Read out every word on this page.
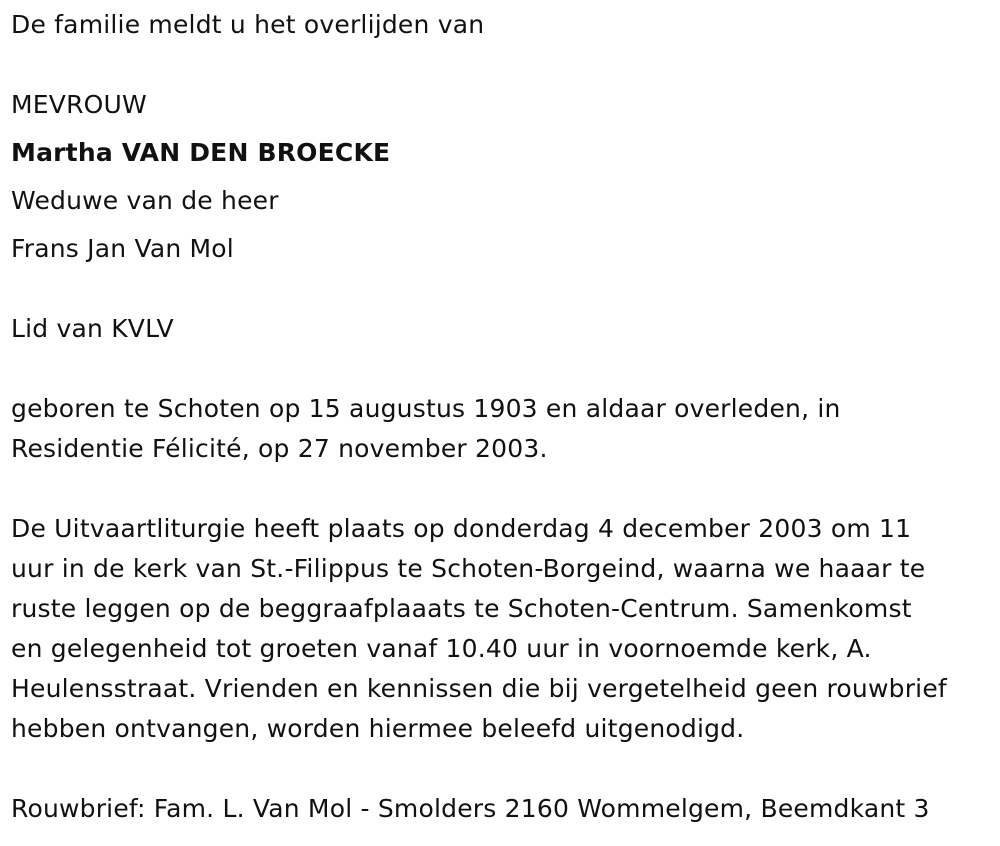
De familie meldt u het overlijden van
MEVROUW
Martha VAN DEN BROECKE
Weduwe van de heer
Frans Jan Van Mol
Lid van KVLV
geboren te Schoten op 15 augustus 1903 en aldaar overleden, in
Residentie Félicité, op 27 november 2003.
De Uitvaartliturgie heeft plaats op donderdag 4 december 2003 om 11
uur in de kerk van St.-Filippus te Schoten-Borgeind, waarna we haaar te
ruste leggen op de beggraafplaaats te Schoten-Centrum. Samenkomst
en gelegenheid tot groeten vanaf 10.40 uur in voornoemde kerk, A.
Heulensstraat. Vrienden en kennissen die bij vergetelheid geen rouwbrief
hebben ontvangen, worden hiermee beleefd uitgenodigd.
Rouwbrief: Fam. L. Van Mol - Smolders 2160 Wommelgem, Beemdkant 3
